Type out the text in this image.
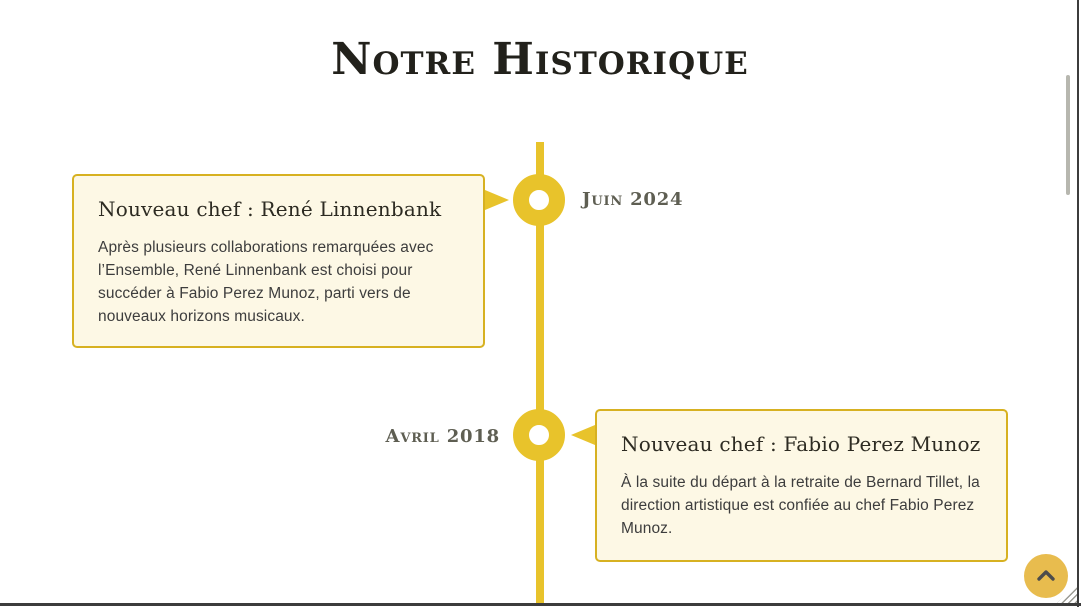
Notre Historique
Nouveau chef : René Linnenbank

Après plusieurs collaborations remarquées avec l’Ensemble, René Linnenbank est choisi pour succéder à Fabio Perez Munoz, parti vers de nouveaux horizons musicaux.

Juin 2024
Avril 2018	Nouveau chef : Fabio Perez Munoz

À la suite du départ à la retraite de Bernard Tillet, la direction artistique est confiée au chef Fabio Perez Munoz.
